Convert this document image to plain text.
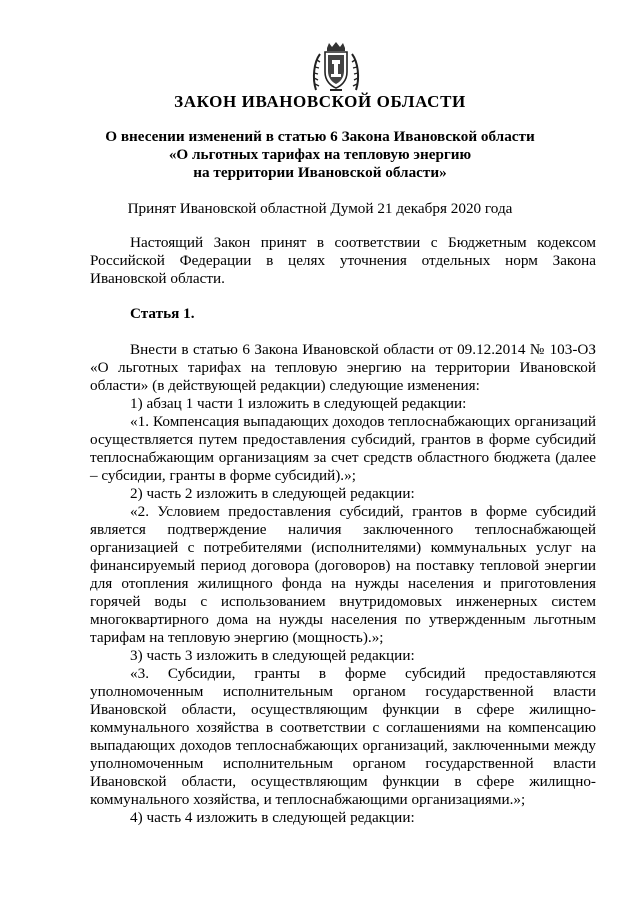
ЗАКОН ИВАНОВСКОЙ ОБЛАСТИ
О внесении изменений в статью 6 Закона Ивановской области
«О льготных тарифах на тепловую энергию
на территории Ивановской области»
Принят Ивановской областной Думой 21 декабря 2020 года

Настоящий Закон принят в соответствии с Бюджетным кодексом Российской Федерации в целях уточнения отдельных норм Закона Ивановской области.

Статья 1.

Внести в статью 6 Закона Ивановской области от 09.12.2014 № 103-ОЗ «О льготных тарифах на тепловую энергию на территории Ивановской области» (в действующей редакции) следующие изменения:

1) абзац 1 части 1 изложить в следующей редакции:

«1. Компенсация выпадающих доходов теплоснабжающих организаций осуществляется путем предоставления субсидий, грантов в форме субсидий теплоснабжающим организациям за счет средств областного бюджета (далее – субсидии, гранты в форме субсидий).»;

2) часть 2 изложить в следующей редакции:

«2. Условием предоставления субсидий, грантов в форме субсидий является подтверждение наличия заключенного теплоснабжающей организацией с потребителями (исполнителями) коммунальных услуг на финансируемый период договора (договоров) на поставку тепловой энергии для отопления жилищного фонда на нужды населения и приготовления горячей воды с использованием внутридомовых инженерных систем многоквартирного дома на нужды населения по утвержденным льготным тарифам на тепловую энергию (мощность).»;

3) часть 3 изложить в следующей редакции:

«3. Субсидии, гранты в форме субсидий предоставляются уполномоченным исполнительным органом государственной власти Ивановской области, осуществляющим функции в сфере жилищно-коммунального хозяйства в соответствии с соглашениями на компенсацию выпадающих доходов теплоснабжающих организаций, заключенными между уполномоченным исполнительным органом государственной власти Ивановской области, осуществляющим функции в сфере жилищно-коммунального хозяйства, и теплоснабжающими организациями.»;

4) часть 4 изложить в следующей редакции:
